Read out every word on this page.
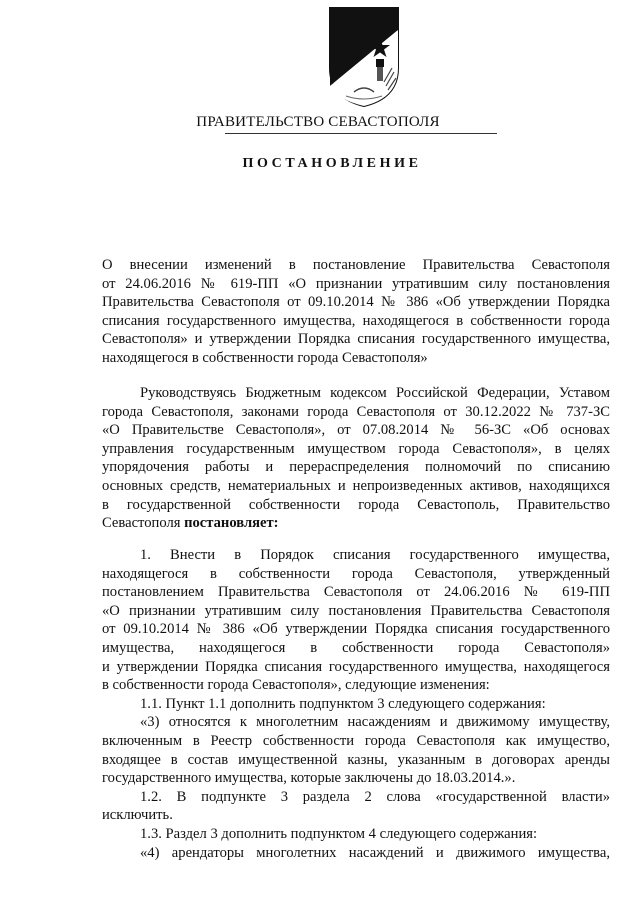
ПРАВИТЕЛЬСТВО СЕВАСТОПОЛЯ
ПОСТАНОВЛЕНИЕ
О внесении изменений в постановление Правительства Севастополя
от 24.06.2016 № 619-ПП «О признании утратившим силу постановления
Правительства Севастополя от 09.10.2014 № 386 «Об утверждении Порядка
списания государственного имущества, находящегося в собственности города
Севастополя» и утверждении Порядка списания государственного имущества,
находящегося в собственности города Севастополя»
Руководствуясь Бюджетным кодексом Российской Федерации, Уставом
города Севастополя, законами города Севастополя от 30.12.2022 № 737-ЗС
«О Правительстве Севастополя», от 07.08.2014 № 56-ЗС «Об основах
управления государственным имуществом города Севастополя», в целях
упорядочения работы и перераспределения полномочий по списанию
основных средств, нематериальных и непроизведенных активов, находящихся
в государственной собственности города Севастополь, Правительство
Севастополя постановляет:
1. Внести в Порядок списания государственного имущества,
находящегося в собственности города Севастополя, утвержденный
постановлением Правительства Севастополя от 24.06.2016 № 619-ПП
«О признании утратившим силу постановления Правительства Севастополя
от 09.10.2014 № 386 «Об утверждении Порядка списания государственного
имущества, находящегося в собственности города Севастополя»
и утверждении Порядка списания государственного имущества, находящегося
в собственности города Севастополя», следующие изменения:
1.1. Пункт 1.1 дополнить подпунктом 3 следующего содержания:
«3) относятся к многолетним насаждениям и движимому имуществу,
включенным в Реестр собственности города Севастополя как имущество,
входящее в состав имущественной казны, указанным в договорах аренды
государственного имущества, которые заключены до 18.03.2014.».
1.2. В подпункте 3 раздела 2 слова «государственной власти»
исключить.
1.3. Раздел 3 дополнить подпунктом 4 следующего содержания:
«4) арендаторы многолетних насаждений и движимого имущества,
